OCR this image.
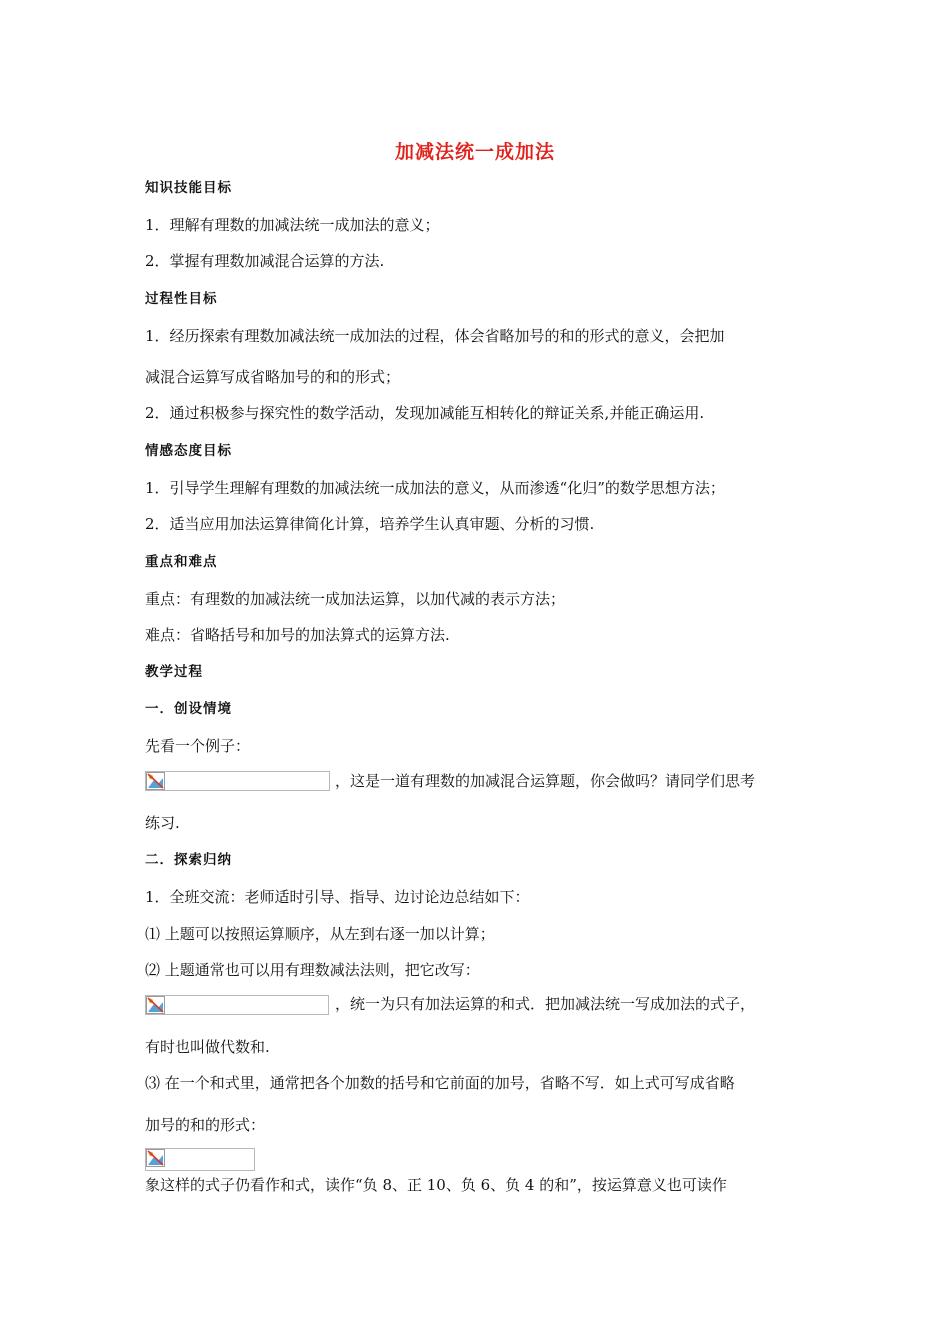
加减法统一成加法
知识技能目标
1．理解有理数的加减法统一成加法的意义；
2．掌握有理数加减混合运算的方法.
过程性目标
1．经历探索有理数加减法统一成加法的过程，体会省略加号的和的形式的意义，会把加
减混合运算写成省略加号的和的形式；
2．通过积极参与探究性的数学活动，发现加减能互相转化的辩证关系,并能正确运用.
情感态度目标
1．引导学生理解有理数的加减法统一成加法的意义，从而渗透“化归”的数学思想方法；
2．适当应用加法运算律简化计算，培养学生认真审题、分析的习惯.
重点和难点
重点：有理数的加减法统一成加法运算，以加代减的表示方法；
难点：省略括号和加号的加法算式的运算方法.
教学过程
一．创设情境
先看一个例子：
，这是一道有理数的加减混合运算题，你会做吗？请同学们思考
练习.
二．探索归纳
1．全班交流：老师适时引导、指导、边讨论边总结如下：
⑴ 上题可以按照运算顺序，从左到右逐一加以计算；
⑵ 上题通常也可以用有理数减法法则，把它改写：
，统一为只有加法运算的和式．把加减法统一写成加法的式子，
有时也叫做代数和.
⑶ 在一个和式里，通常把各个加数的括号和它前面的加号，省略不写．如上式可写成省略
加号的和的形式：
象这样的式子仍看作和式，读作“负 8、正 10、负 6、负 4 的和”，按运算意义也可读作
